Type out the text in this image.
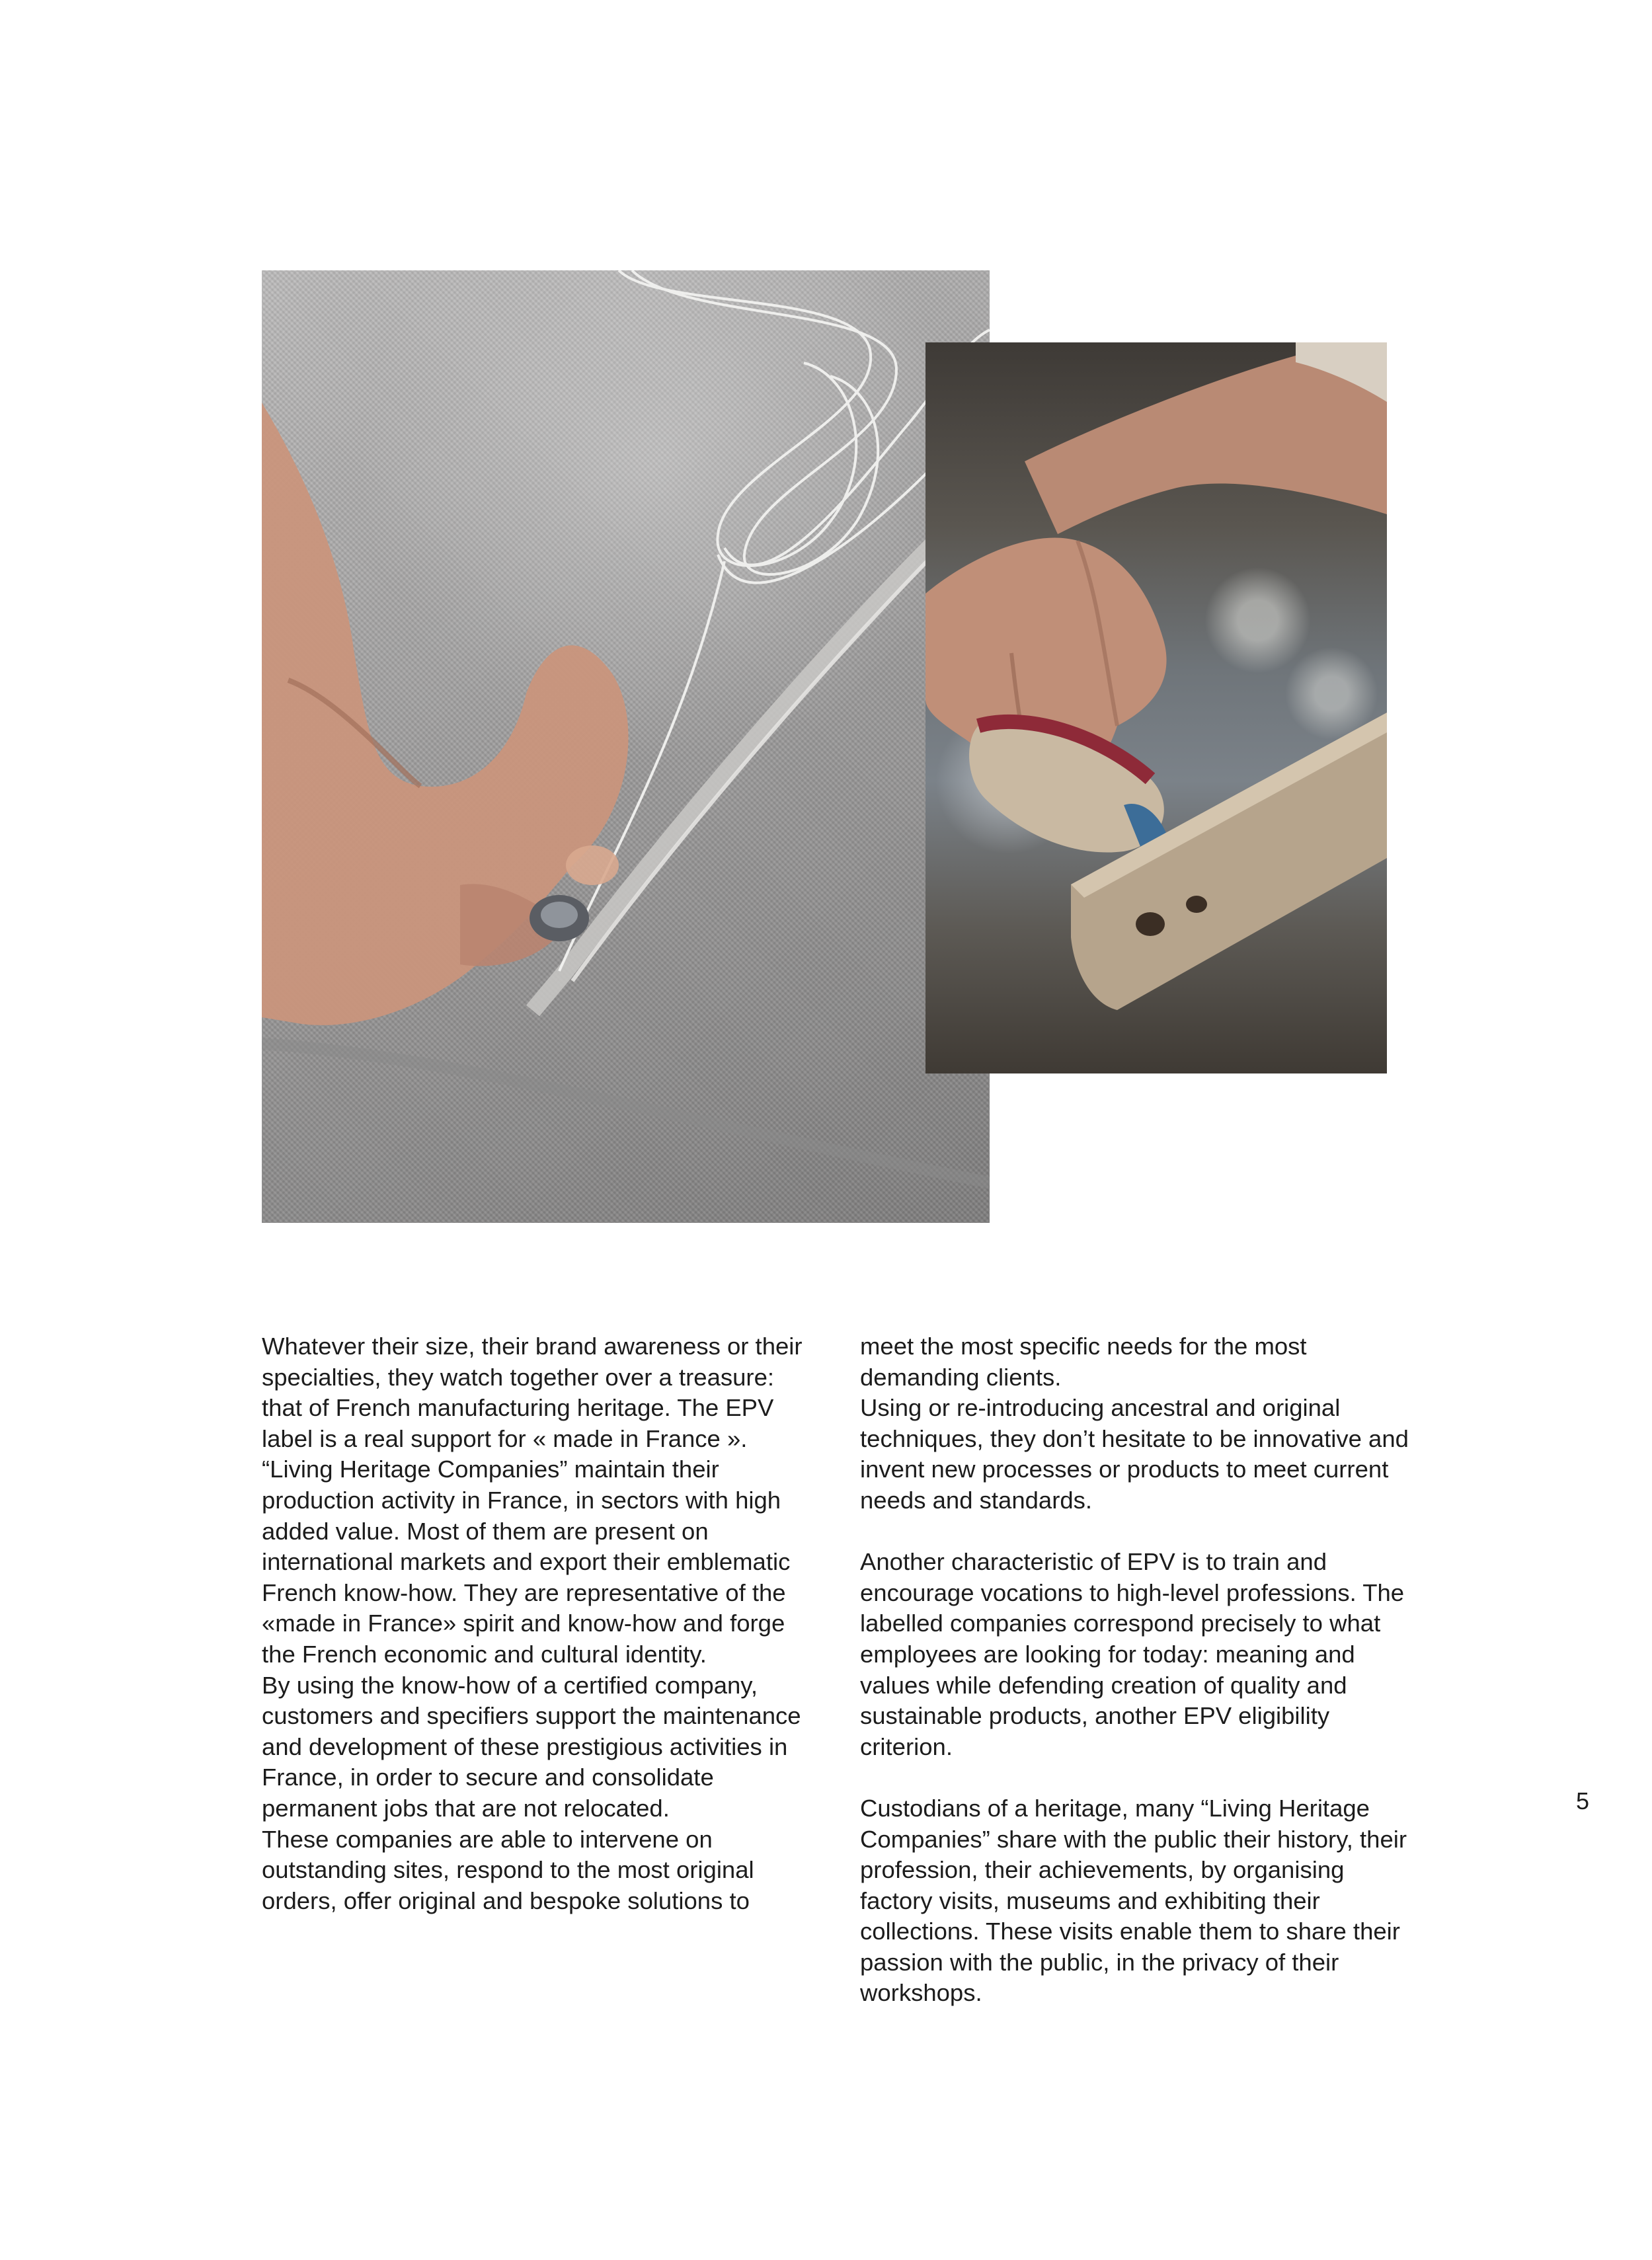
Whatever their size, their brand awareness or their specialties, they watch together over a treasure: that of French manufacturing heritage. The EPV label is a real support for « made in France ».

“Living Heritage Companies” maintain their production activity in France, in sectors with high added value. Most of them are present on international markets and export their emblematic French know-how. They are representative of the «made in France» spirit and know-how and forge the French economic and cultural identity.

By using the know-how of a certified company, customers and specifiers support the maintenance and development of these prestigious activities in France, in order to secure and consolidate permanent jobs that are not relocated.

These companies are able to intervene on outstanding sites, respond to the most original orders, offer original and bespoke solutions to

meet the most specific needs for the most demanding clients.

Using or re-introducing ancestral and original techniques, they don’t hesitate to be innovative and invent new processes or products to meet current needs and standards.

Another characteristic of EPV is to train and encourage vocations to high-level professions. The labelled companies correspond precisely to what employees are looking for today: meaning and values while defending creation of quality and sustainable products, another EPV eligibility criterion.

Custodians of a heritage, many “Living Heritage Companies” share with the public their history, their profession, their achievements, by organising factory visits, museums and exhibiting their collections. These visits enable them to share their passion with the public, in the privacy of their workshops.

5
